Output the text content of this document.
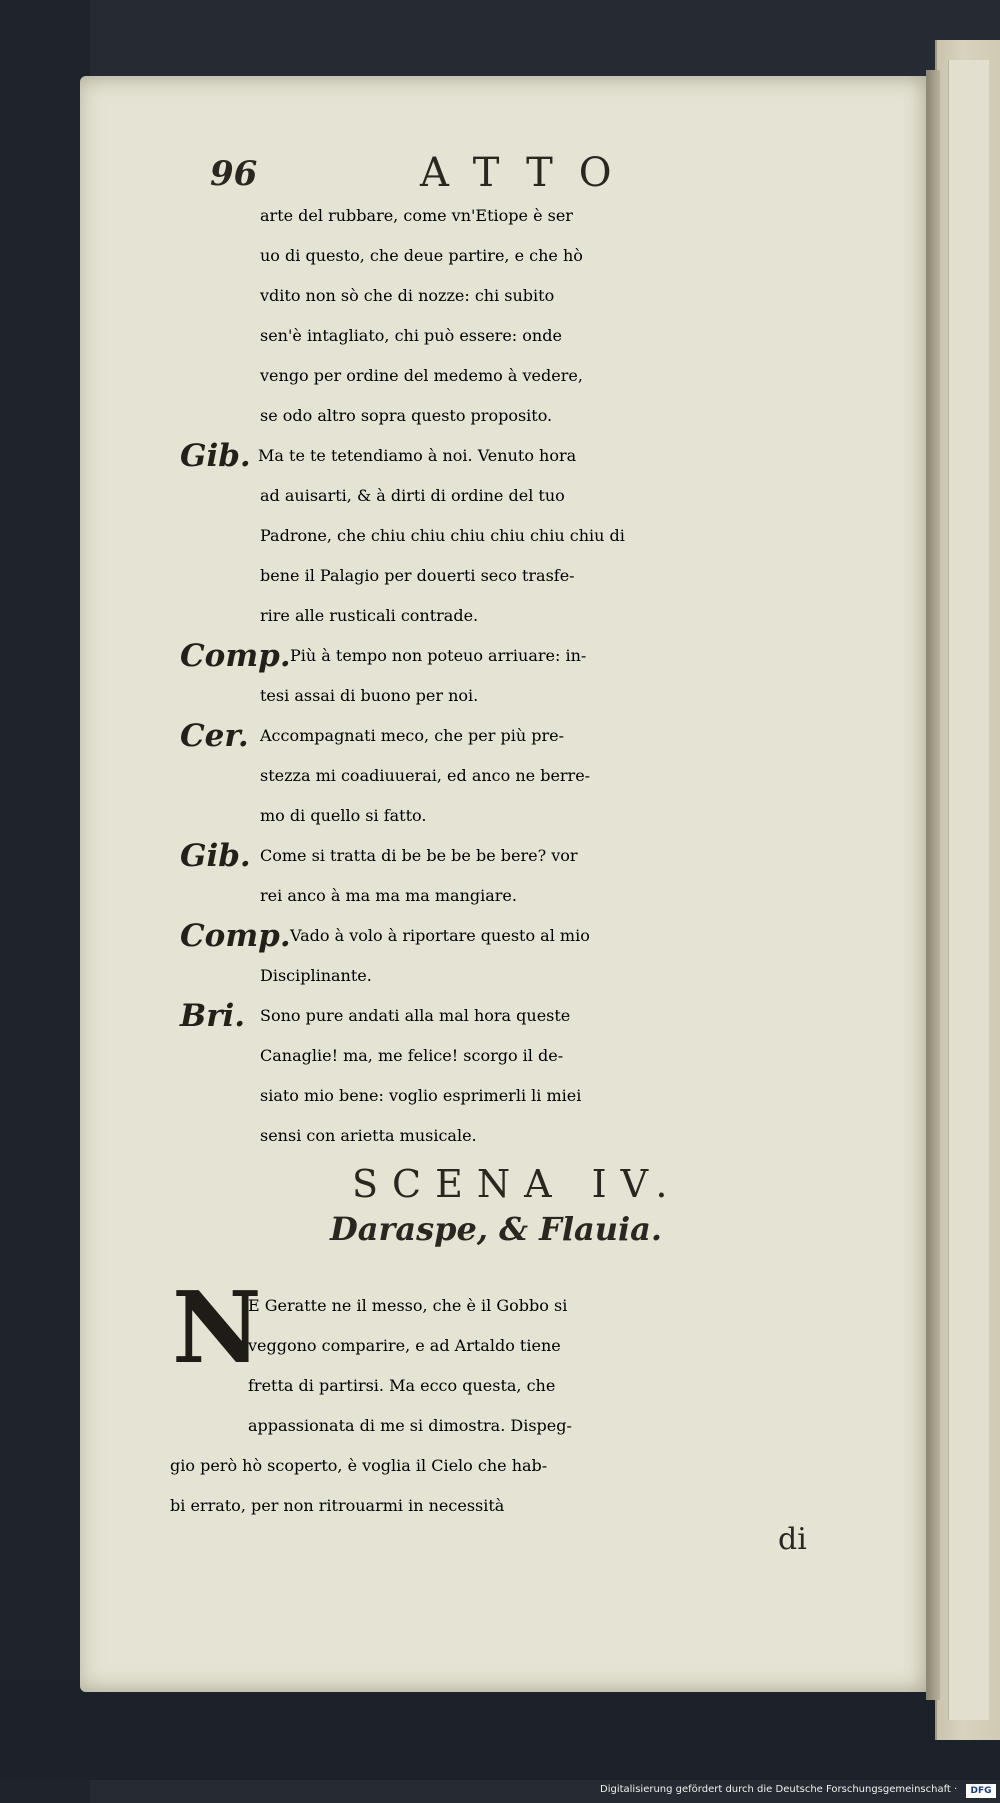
96	ATTO
arte del rubbare, come vn'Etiope è ser
uo di questo, che deue partire, e che hò
vdito non sò che di nozze: chi subito
sen'è intagliato, chi può essere: onde
vengo per ordine del medemo à vedere,
se odo altro sopra questo proposito.
Gib. Ma te te tetendiamo à noi. Venuto hora
ad auisarti, & à dirti di ordine del tuo
Padrone, che chiu chiu chiu chiu chiu chiu di
bene il Palagio per douerti seco trasfe-
rire alle rusticali contrade.
Comp. Più à tempo non poteuo arriuare: in-
tesi assai di buono per noi.
Cer. Accompagnati meco, che per più pre-
stezza mi coadiuuerai, ed anco ne berre-
mo di quello si fatto.
Gib. Come si tratta di be be be be bere? vor
rei anco à ma ma ma mangiare.
Comp. Vado à volo à riportare questo al mio
Disciplinante.
Bri. Sono pure andati alla mal hora queste
Canaglie! ma, me felice! scorgo il de-
siato mio bene: voglio esprimerli li miei
sensi con arietta musicale.
SCENA IV.
Daraspe, & Flauia.
N
E Geratte ne il messo, che è il Gobbo si
veggono comparire, e ad Artaldo tiene
fretta di partirsi. Ma ecco questa, che
appassionata di me si dimostra. Dispeg-
gio però hò scoperto, è voglia il Cielo che hab-
bi errato, per non ritrouarmi in necessità
di
Digitalisierung gefördert durch die Deutsche Forschungsgemeinschaft ·	DFG
